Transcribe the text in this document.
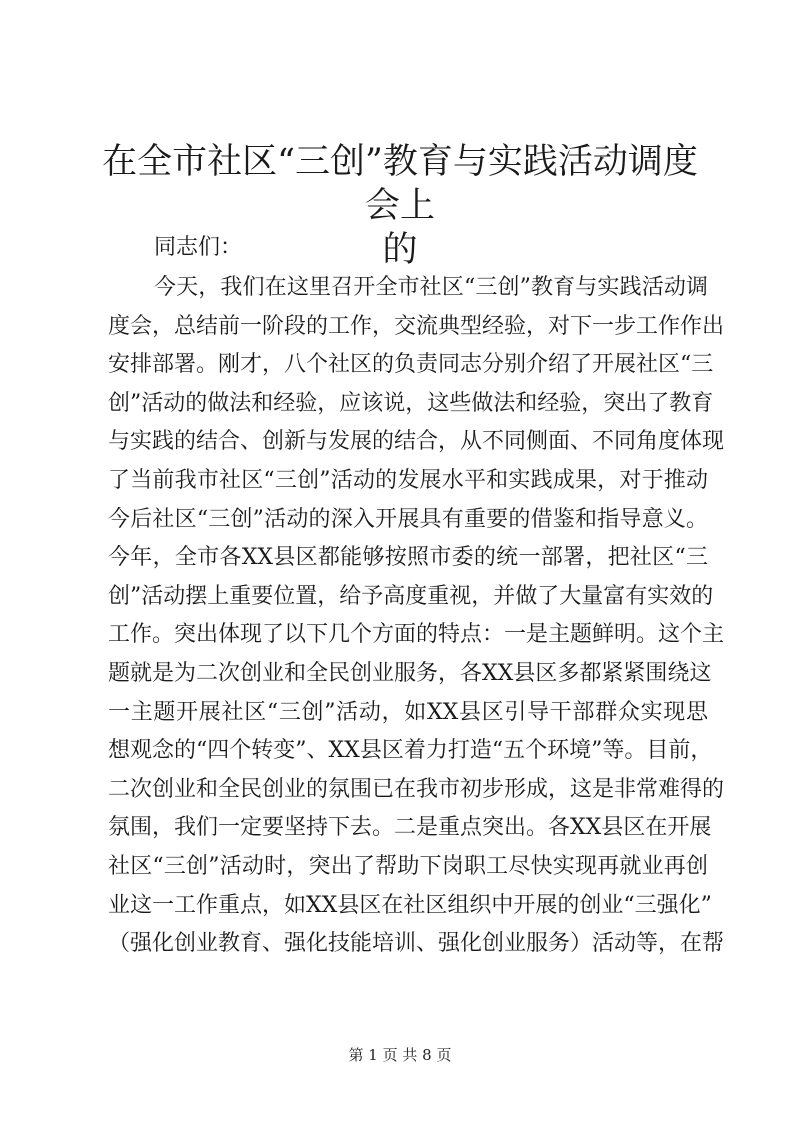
在全市社区“三创”教育与实践活动调度会上
的

同志们：

今天，我们在这里召开全市社区“三创”教育与实践活动调
度会，总结前一阶段的工作，交流典型经验，对下一步工作作出
安排部署。刚才，八个社区的负责同志分别介绍了开展社区“三
创”活动的做法和经验，应该说，这些做法和经验，突出了教育
与实践的结合、创新与发展的结合，从不同侧面、不同角度体现
了当前我市社区“三创”活动的发展水平和实践成果，对于推动
今后社区“三创”活动的深入开展具有重要的借鉴和指导意义。
今年，全市各XX县区都能够按照市委的统一部署，把社区“三
创”活动摆上重要位置，给予高度重视，并做了大量富有实效的
工作。突出体现了以下几个方面的特点：一是主题鲜明。这个主
题就是为二次创业和全民创业服务，各XX县区多都紧紧围绕这
一主题开展社区“三创”活动，如XX县区引导干部群众实现思
想观念的“四个转变”、XX县区着力打造“五个环境”等。目前，
二次创业和全民创业的氛围已在我市初步形成，这是非常难得的
氛围，我们一定要坚持下去。二是重点突出。各XX县区在开展
社区“三创”活动时，突出了帮助下岗职工尽快实现再就业再创
业这一工作重点，如XX县区在社区组织中开展的创业“三强化”
（强化创业教育、强化技能培训、强化创业服务）活动等，在帮
第 1 页 共 8 页
